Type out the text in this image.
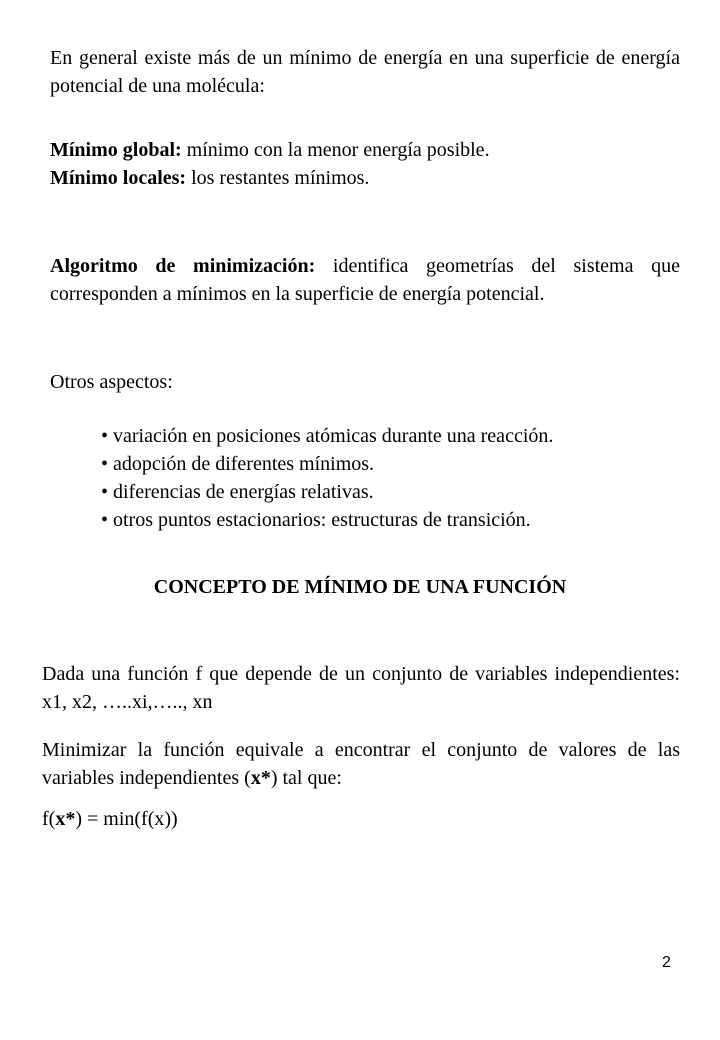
En general existe más de un mínimo de energía en una superficie de energía potencial de una molécula:

Mínimo global: mínimo con la menor energía posible.

Mínimo locales: los restantes mínimos.

Algoritmo de minimización: identifica geometrías del sistema que corresponden a mínimos en la superficie de energía potencial.

Otros aspectos:

• variación en posiciones atómicas durante una reacción.
• adopción de diferentes mínimos.
• diferencias de energías relativas.
• otros puntos estacionarios: estructuras de transición.
CONCEPTO DE MÍNIMO DE UNA FUNCIÓN

Dada una función f que depende de un conjunto de variables independientes: x1, x2, …..xi,….., xn

Minimizar la función equivale a encontrar el conjunto de valores de las variables independientes (x*) tal que:

f(x*) = min(f(x))

2
